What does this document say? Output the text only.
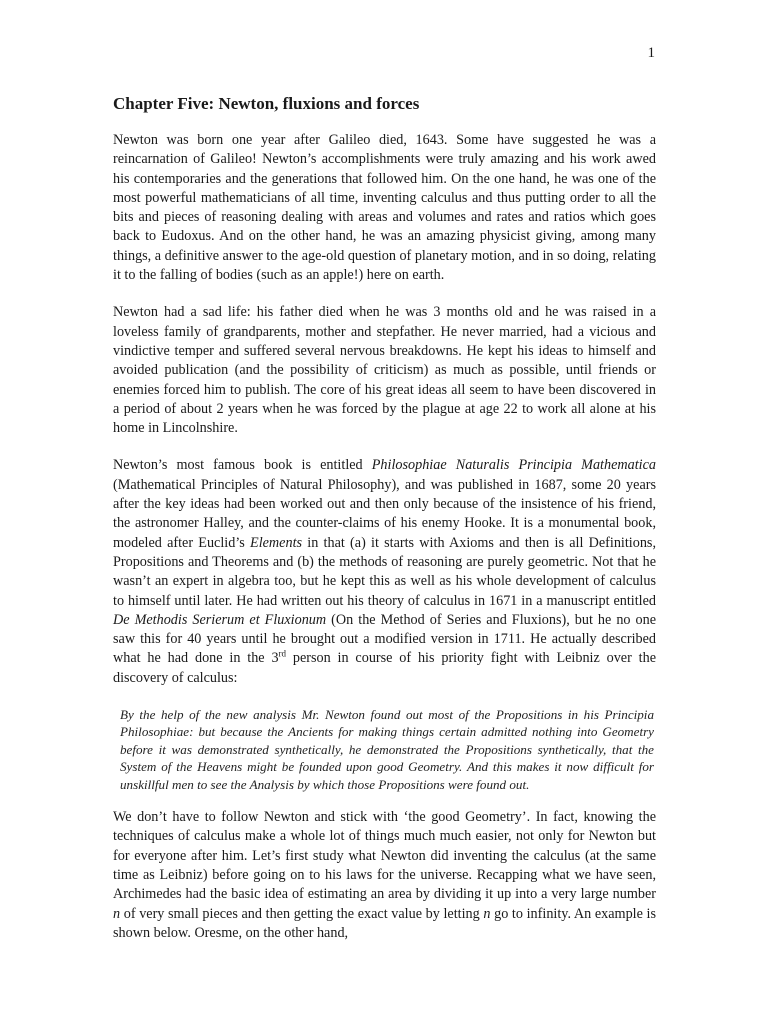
1
Chapter Five: Newton, fluxions and forces

Newton was born one year after Galileo died, 1643. Some have suggested he was a reincarnation of Galileo! Newton’s accomplishments were truly amazing and his work awed his contemporaries and the generations that followed him. On the one hand, he was one of the most powerful mathematicians of all time, inventing calculus and thus putting order to all the bits and pieces of reasoning dealing with areas and volumes and rates and ratios which goes back to Eudoxus. And on the other hand, he was an amazing physicist giving, among many things, a definitive answer to the age-old question of planetary motion, and in so doing, relating it to the falling of bodies (such as an apple!) here on earth.

Newton had a sad life: his father died when he was 3 months old and he was raised in a loveless family of grandparents, mother and stepfather. He never married, had a vicious and vindictive temper and suffered several nervous breakdowns. He kept his ideas to himself and avoided publication (and the possibility of criticism) as much as possible, until friends or enemies forced him to publish. The core of his great ideas all seem to have been discovered in a period of about 2 years when he was forced by the plague at age 22 to work all alone at his home in Lincolnshire.

Newton’s most famous book is entitled Philosophiae Naturalis Principia Mathematica (Mathematical Principles of Natural Philosophy), and was published in 1687, some 20 years after the key ideas had been worked out and then only because of the insistence of his friend, the astronomer Halley, and the counter-claims of his enemy Hooke. It is a monumental book, modeled after Euclid’s Elements in that (a) it starts with Axioms and then is all Definitions, Propositions and Theorems and (b) the methods of reasoning are purely geometric. Not that he wasn’t an expert in algebra too, but he kept this as well as his whole development of calculus to himself until later. He had written out his theory of calculus in 1671 in a manuscript entitled De Methodis Serierum et Fluxionum (On the Method of Series and Fluxions), but he no one saw this for 40 years until he brought out a modified version in 1711. He actually described what he had done in the 3rd person in course of his priority fight with Leibniz over the discovery of calculus:

By the help of the new analysis Mr. Newton found out most of the Propositions in his Principia Philosophiae: but because the Ancients for making things certain admitted nothing into Geometry before it was demonstrated synthetically, he demonstrated the Propositions synthetically, that the System of the Heavens might be founded upon good Geometry. And this makes it now difficult for unskillful men to see the Analysis by which those Propositions were found out.

We don’t have to follow Newton and stick with ‘the good Geometry’. In fact, knowing the techniques of calculus make a whole lot of things much much easier, not only for Newton but for everyone after him. Let’s first study what Newton did inventing the calculus (at the same time as Leibniz) before going on to his laws for the universe. Recapping what we have seen, Archimedes had the basic idea of estimating an area by dividing it up into a very large number n of very small pieces and then getting the exact value by letting n go to infinity. An example is shown below. Oresme, on the other hand,
